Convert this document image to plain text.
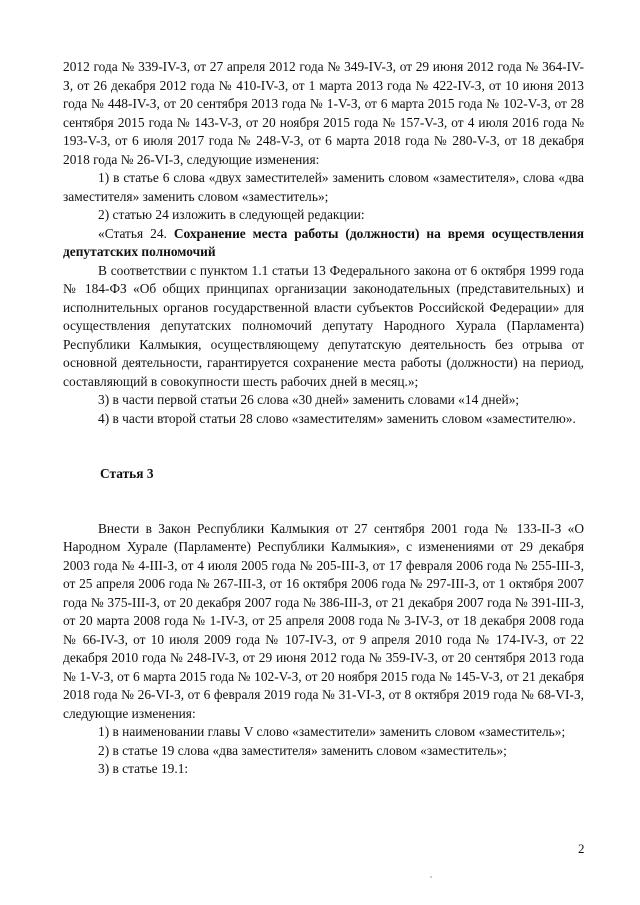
2012 года № 339-IV-З, от 27 апреля 2012 года № 349-IV-З, от 29 июня 2012 года № 364-IV-З, от 26 декабря 2012 года № 410-IV-З, от 1 марта 2013 года № 422-IV-З, от 10 июня 2013 года № 448-IV-З, от 20 сентября 2013 года № 1-V-З, от 6 марта 2015 года № 102-V-З, от 28 сентября 2015 года № 143-V-З, от 20 ноября 2015 года № 157-V-З, от 4 июля 2016 года № 193-V-З, от 6 июля 2017 года № 248-V-З, от 6 марта 2018 года № 280-V-З, от 18 декабря 2018 года № 26-VI-З, следующие изменения:

1) в статье 6 слова «двух заместителей» заменить словом «заместителя», слова «два заместителя» заменить словом «заместитель»;

2) статью 24 изложить в следующей редакции:

«Статья 24. Сохранение места работы (должности) на время осуществления депутатских полномочий

В соответствии с пунктом 1.1 статьи 13 Федерального закона от 6 октября 1999 года № 184-ФЗ «Об общих принципах организации законодательных (представительных) и исполнительных органов государственной власти субъектов Российской Федерации» для осуществления депутатских полномочий депутату Народного Хурала (Парламента) Республики Калмыкия, осуществляющему депутатскую деятельность без отрыва от основной деятельности, гарантируется сохранение места работы (должности) на период, составляющий в совокупности шесть рабочих дней в месяц.»;

3) в части первой статьи 26 слова «30 дней» заменить словами «14 дней»;

4) в части второй статьи 28 слово «заместителям» заменить словом «заместителю».

Статья 3

Внести в Закон Республики Калмыкия от 27 сентября 2001 года № 133-II-З «О Народном Хурале (Парламенте) Республики Калмыкия», с изменениями от 29 декабря 2003 года № 4-III-З, от 4 июля 2005 года № 205-III-З, от 17 февраля 2006 года № 255-III-З, от 25 апреля 2006 года № 267-III-З, от 16 октября 2006 года № 297-III-З, от 1 октября 2007 года № 375-III-З, от 20 декабря 2007 года № 386-III-З, от 21 декабря 2007 года № 391-III-З, от 20 марта 2008 года № 1-IV-З, от 25 апреля 2008 года № 3-IV-З, от 18 декабря 2008 года № 66-IV-З, от 10 июля 2009 года № 107-IV-З, от 9 апреля 2010 года № 174-IV-З, от 22 декабря 2010 года № 248-IV-З, от 29 июня 2012 года № 359-IV-З, от 20 сентября 2013 года № 1-V-З, от 6 марта 2015 года № 102-V-З, от 20 ноября 2015 года № 145-V-З, от 21 декабря 2018 года № 26-VI-З, от 6 февраля 2019 года № 31-VI-З, от 8 октября 2019 года № 68-VI-З, следующие изменения:

1) в наименовании главы V слово «заместители» заменить словом «заместитель»;

2) в статье 19 слова «два заместителя» заменить словом «заместитель»;

3) в статье 19.1:

2
